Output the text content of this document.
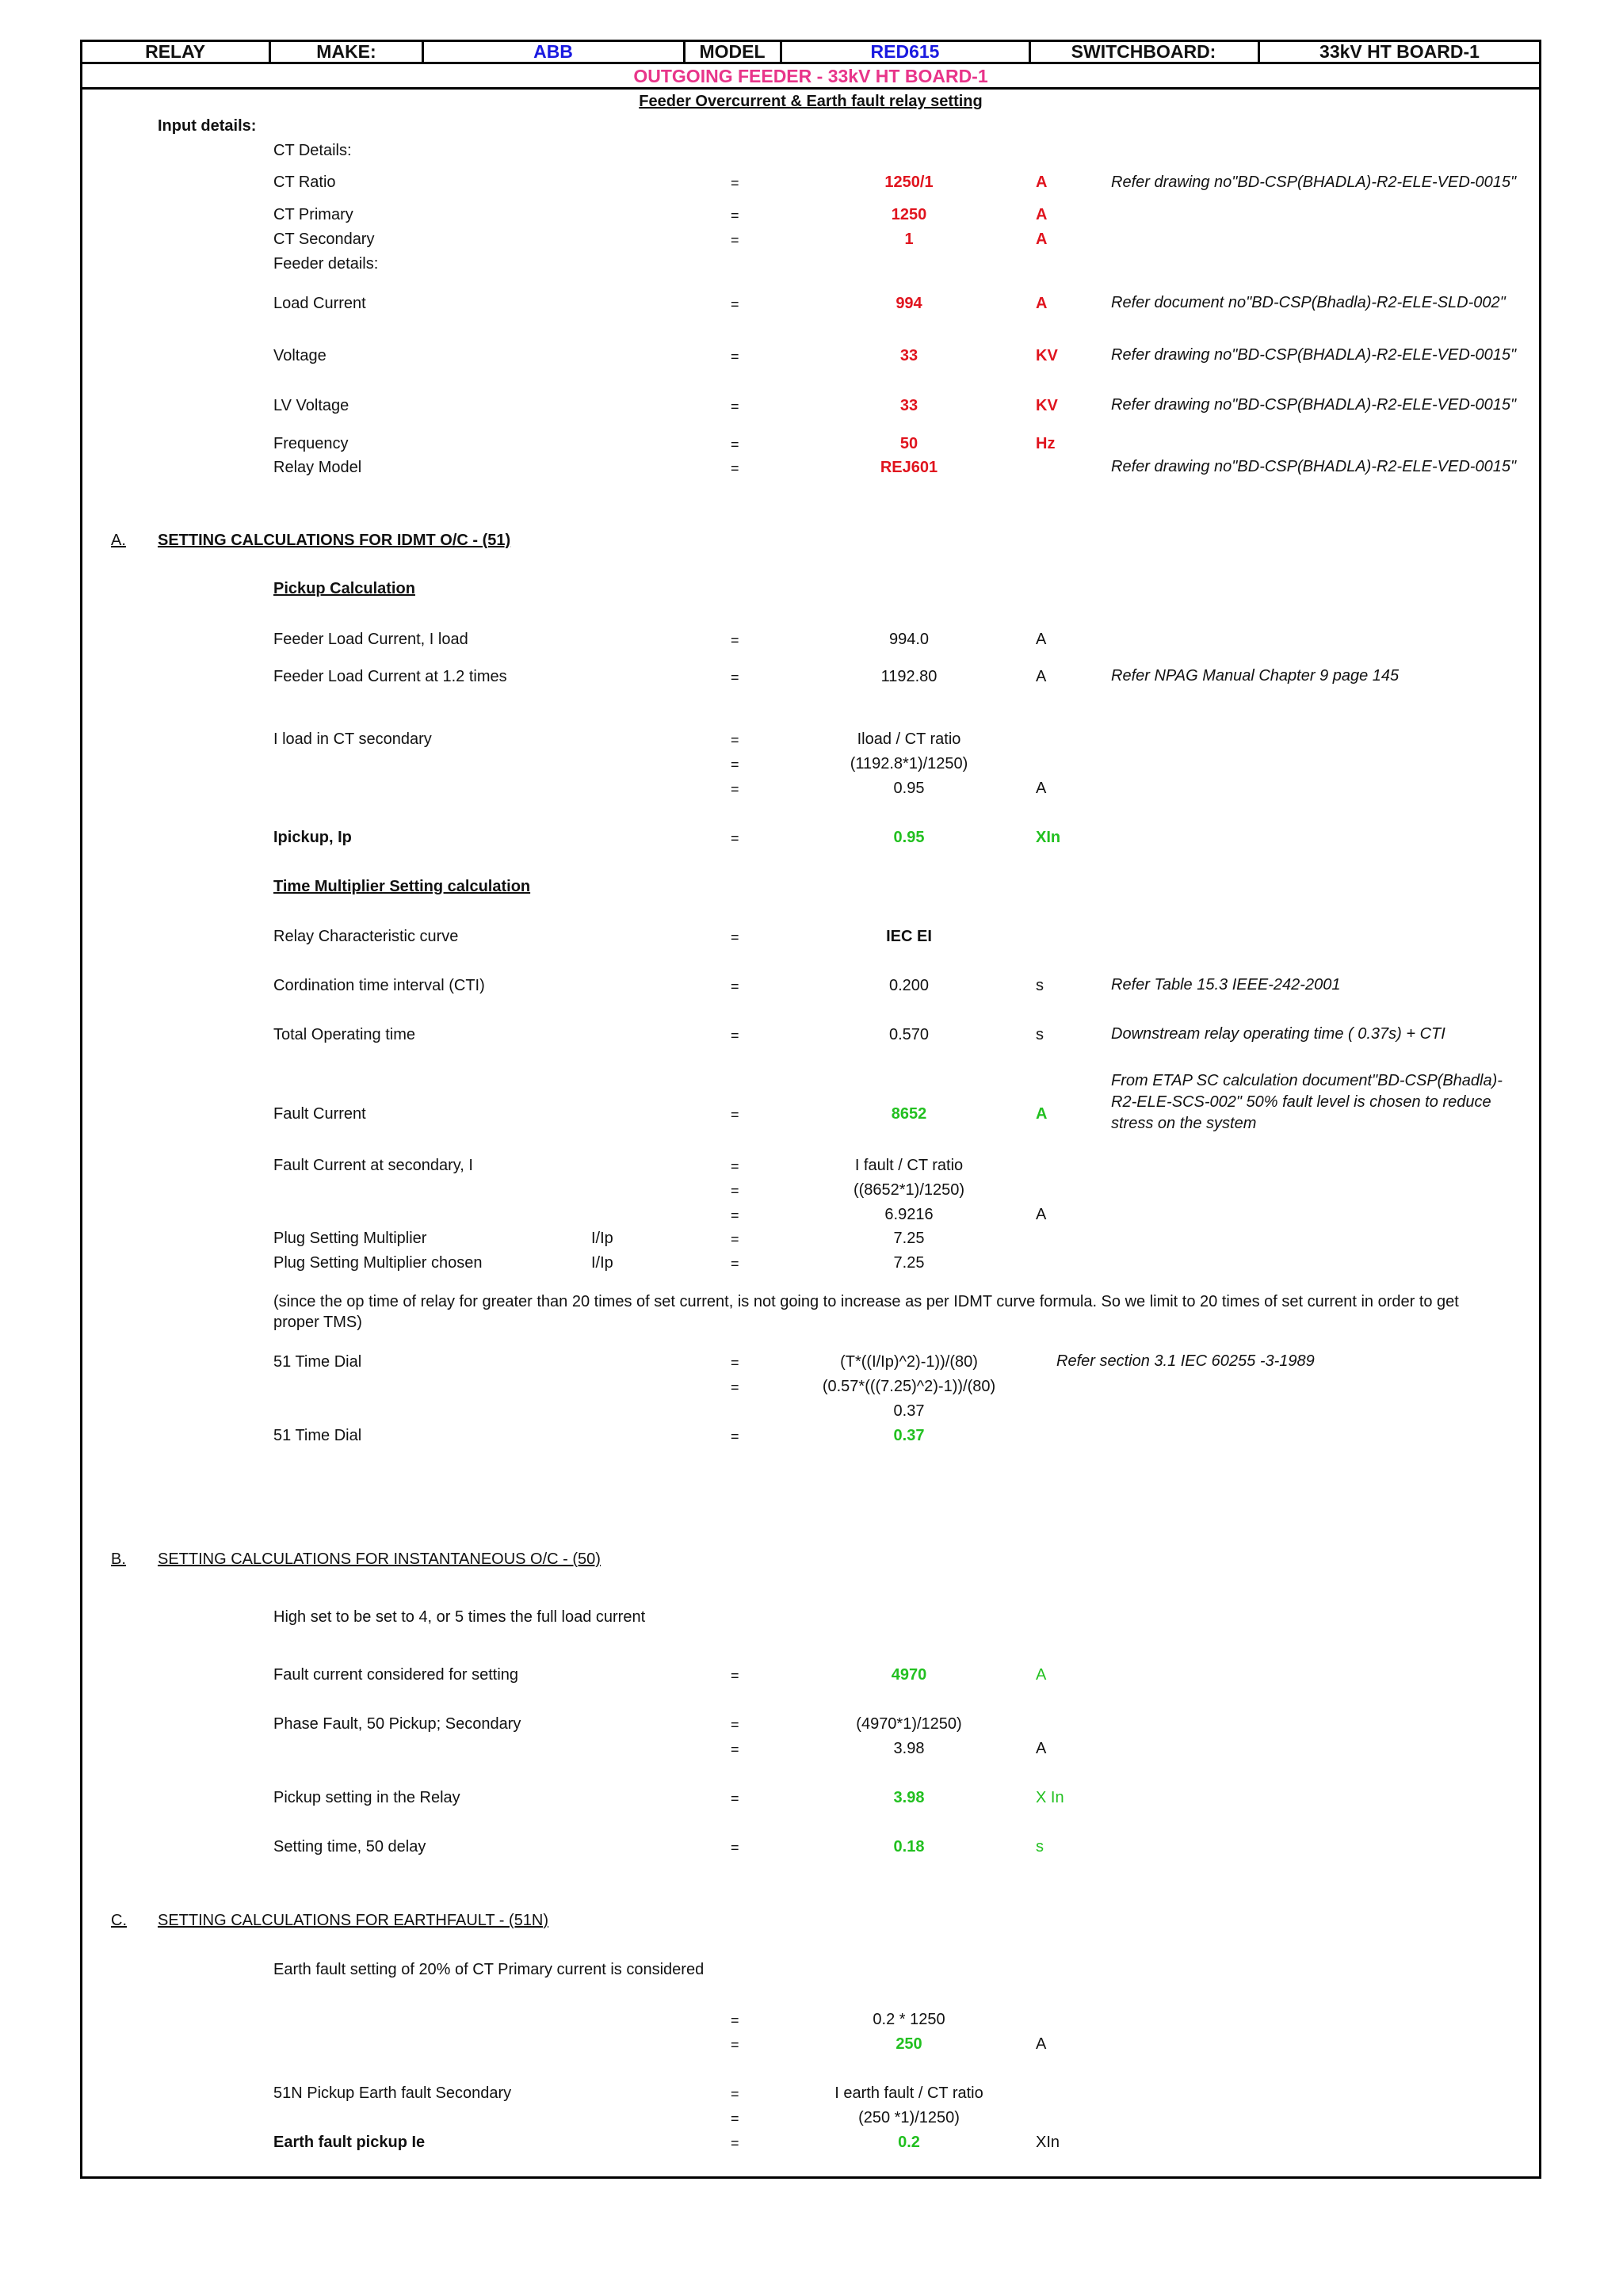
RELAY	MAKE:	ABB	MODEL	RED615	SWITCHBOARD:	33kV HT BOARD-1
OUTGOING FEEDER - 33kV HT BOARD-1
Feeder Overcurrent & Earth fault relay setting
Input details:
CT Details:
CT Ratio	=	1250/1	A	Refer drawing no"BD-CSP(BHADLA)-R2-ELE-VED-0015"
CT Primary	=	1250	A
CT Secondary	=	1	A
Feeder details:
Load Current	=	994	A	Refer document no"BD-CSP(Bhadla)-R2-ELE-SLD-002"
Voltage	=	33	KV	Refer drawing no"BD-CSP(BHADLA)-R2-ELE-VED-0015"
LV Voltage	=	33	KV	Refer drawing no"BD-CSP(BHADLA)-R2-ELE-VED-0015"
Frequency	=	50	Hz
Relay Model	=	REJ601	Refer drawing no"BD-CSP(BHADLA)-R2-ELE-VED-0015"
A. SETTING CALCULATIONS FOR IDMT O/C - (51)
Pickup Calculation
Feeder Load Current, I load	=	994.0	A
Feeder Load Current at 1.2 times	=	1192.80	A	Refer NPAG Manual Chapter 9 page 145
I load in CT secondary	=	Iload / CT ratio
=	(1192.8*1)/1250)
=	0.95	A
Ipickup, Ip	=	0.95	XIn
Time Multiplier Setting calculation
Relay Characteristic curve	=	IEC EI
Cordination time interval (CTI)	=	0.200	s	Refer Table 15.3 IEEE-242-2001
Total Operating time	=	0.570	s	Downstream relay operating time ( 0.37s) + CTI
From ETAP SC calculation document"BD-CSP(Bhadla)-
R2-ELE-SCS-002" 50% fault level is chosen to reduce
stress on the system
Fault Current	=	8652	A
Fault Current at secondary, I	=	I fault / CT ratio
=	((8652*1)/1250)
=	6.9216	A
Plug Setting Multiplier	I/Ip	=	7.25
Plug Setting Multiplier chosen	I/Ip	=	7.25
(since the op time of relay for greater than 20 times of set current, is not going to increase as per IDMT curve formula. So we limit to 20 times of set current in order to get
proper TMS)
51 Time Dial	=	(T*((I/Ip)^2)-1))/(80)	Refer section 3.1 IEC 60255 -3-1989
=	(0.57*(((7.25)^2)-1))/(80)
0.37
51 Time Dial	=	0.37
B. SETTING CALCULATIONS FOR INSTANTANEOUS O/C - (50)
High set to be set to 4, or 5 times the full load current
Fault current considered for setting	=	4970	A
Phase Fault, 50 Pickup; Secondary	=	(4970*1)/1250)
=	3.98	A
Pickup setting in the Relay	=	3.98	X In
Setting time, 50 delay	=	0.18	s
C. SETTING CALCULATIONS FOR EARTHFAULT - (51N)
Earth fault setting of 20% of CT Primary current is considered
=	0.2 * 1250
=	250	A
51N Pickup Earth fault Secondary	=	I earth fault / CT ratio
=	(250 *1)/1250)
Earth fault pickup Ie	=	0.2	XIn
